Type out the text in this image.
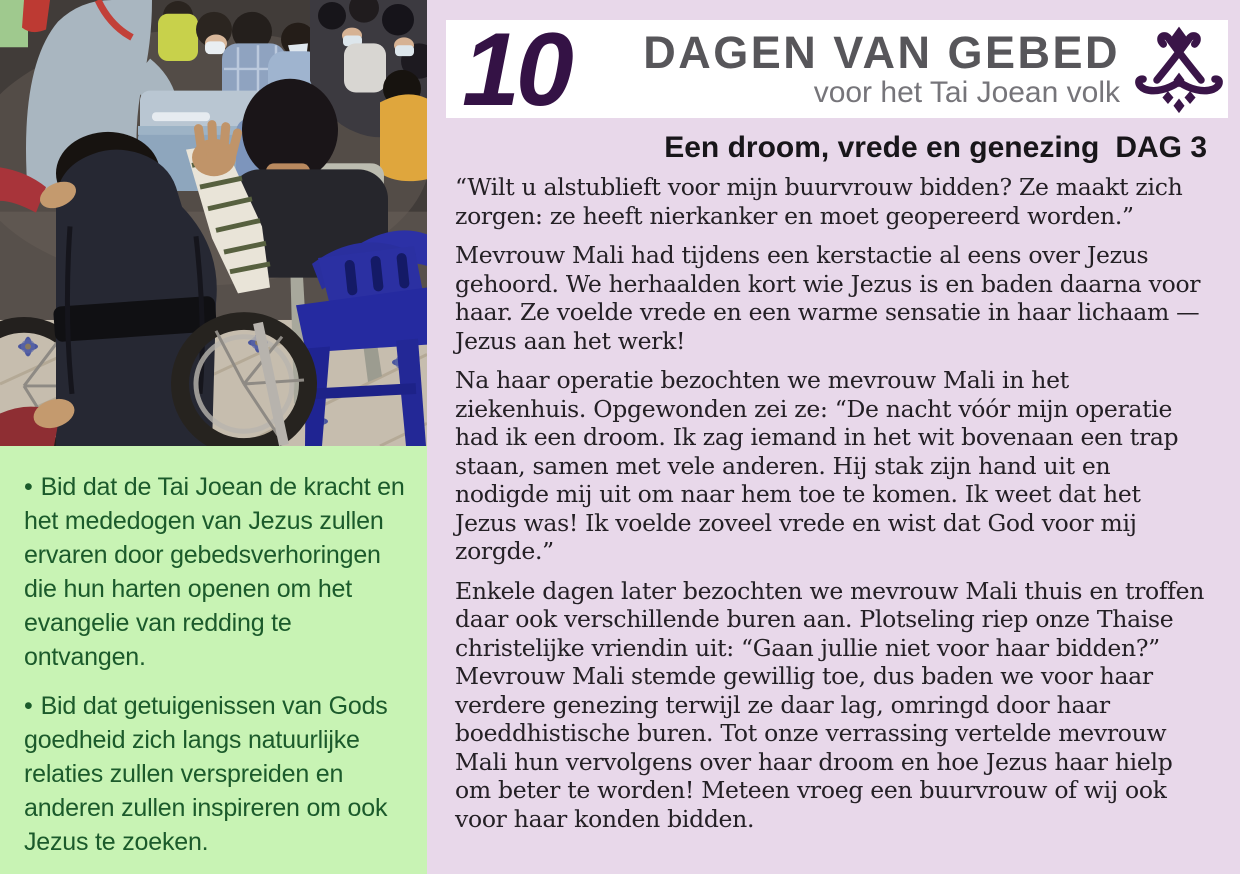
• Bid dat de Tai Joean de kracht en het mededogen van Jezus zullen ervaren door gebedsverhoringen die hun harten openen om het evangelie van redding te ontvangen.

• Bid dat getuigenissen van Gods goedheid zich langs natuurlijke relaties zullen verspreiden en anderen zullen inspireren om ook Jezus te zoeken.

10 DAGEN VAN GEBED
voor het Tai Joean volk
Een droom, vrede en genezing DAG 3

“Wilt u alstublieft voor mijn buurvrouw bidden? Ze maakt zich zorgen: ze heeft nierkanker en moet geopereerd worden.”

Mevrouw Mali had tijdens een kerstactie al eens over Jezus gehoord. We herhaalden kort wie Jezus is en baden daarna voor haar. Ze voelde vrede en een warme sensatie in haar lichaam — Jezus aan het werk!

Na haar operatie bezochten we mevrouw Mali in het ziekenhuis. Opgewonden zei ze: “De nacht vóór mijn operatie had ik een droom. Ik zag iemand in het wit bovenaan een trap staan, samen met vele anderen. Hij stak zijn hand uit en nodigde mij uit om naar hem toe te komen. Ik weet dat het Jezus was! Ik voelde zoveel vrede en wist dat God voor mij zorgde.”

Enkele dagen later bezochten we mevrouw Mali thuis en troffen daar ook verschillende buren aan. Plotseling riep onze Thaise christelijke vriendin uit: “Gaan jullie niet voor haar bidden?” Mevrouw Mali stemde gewillig toe, dus baden we voor haar verdere genezing terwijl ze daar lag, omringd door haar boeddhistische buren. Tot onze verrassing vertelde mevrouw Mali hun vervolgens over haar droom en hoe Jezus haar hielp om beter te worden! Meteen vroeg een buurvrouw of wij ook voor haar konden bidden.
